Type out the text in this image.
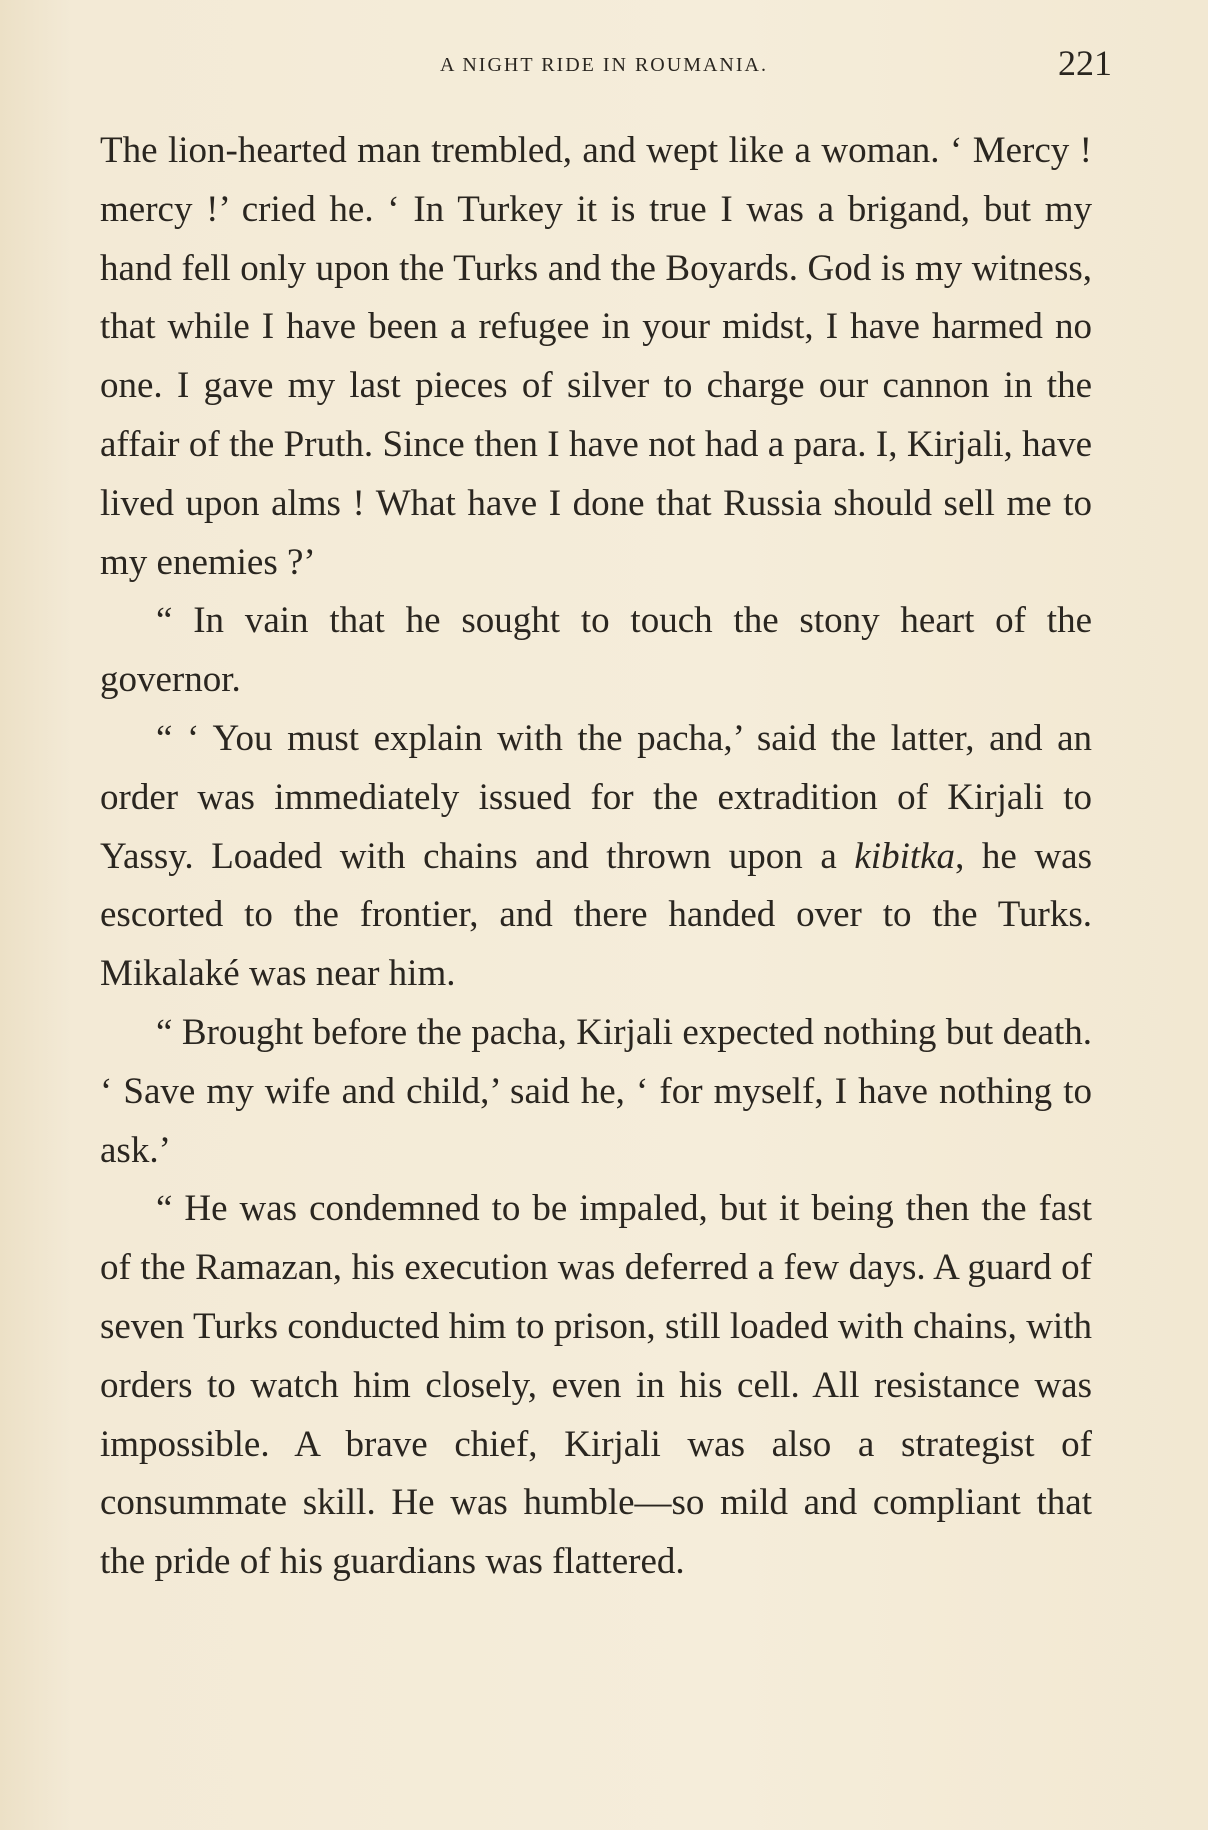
A NIGHT RIDE IN ROUMANIA.	221

The lion-hearted man trembled, and wept like a woman. ‘ Mercy ! mercy !’ cried he. ‘ In Turkey it is true I was a brigand, but my hand fell only upon the Turks and the Boyards. God is my witness, that while I have been a refugee in your midst, I have harmed no one. I gave my last pieces of silver to charge our cannon in the affair of the Pruth. Since then I have not had a para. I, Kirjali, have lived upon alms ! What have I done that Russia should sell me to my enemies ?’

“ In vain that he sought to touch the stony heart of the governor.

“ ‘ You must explain with the pacha,’ said the latter, and an order was immediately issued for the extradition of Kirjali to Yassy. Loaded with chains and thrown upon a kibitka, he was escorted to the frontier, and there handed over to the Turks. Mikalaké was near him.

“ Brought before the pacha, Kirjali expected nothing but death. ‘ Save my wife and child,’ said he, ‘ for myself, I have nothing to ask.’

“ He was condemned to be impaled, but it being then the fast of the Ramazan, his execution was deferred a few days. A guard of seven Turks conducted him to prison, still loaded with chains, with orders to watch him closely, even in his cell. All resistance was impossible. A brave chief, Kirjali was also a strategist of consummate skill. He was humble—so mild and compliant that the pride of his guardians was flattered.
